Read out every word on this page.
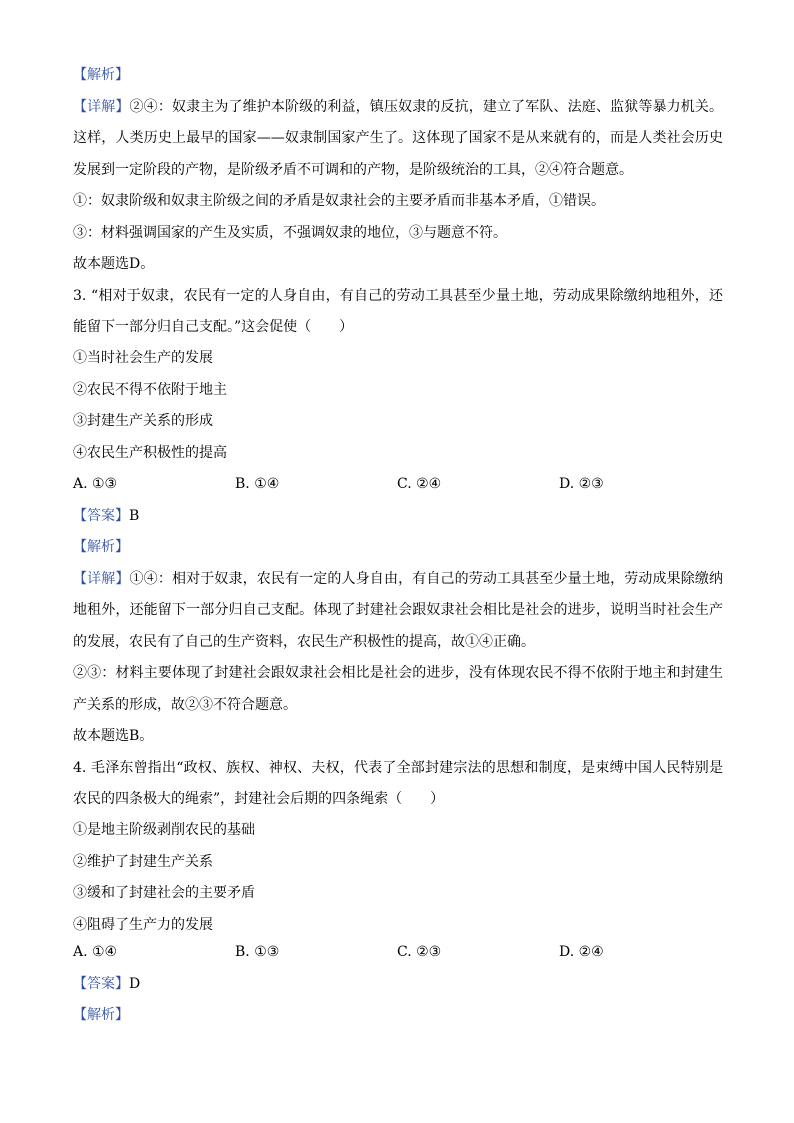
【解析】
【详解】②④：奴隶主为了维护本阶级的利益，镇压奴隶的反抗，建立了军队、法庭、监狱等暴力机关。
这样，人类历史上最早的国家——奴隶制国家产生了。这体现了国家不是从来就有的，而是人类社会历史
发展到一定阶段的产物，是阶级矛盾不可调和的产物，是阶级统治的工具，②④符合题意。
①：奴隶阶级和奴隶主阶级之间的矛盾是奴隶社会的主要矛盾而非基本矛盾，①错误。
③：材料强调国家的产生及实质，不强调奴隶的地位，③与题意不符。
故本题选D。
3. “相对于奴隶，农民有一定的人身自由，有自己的劳动工具甚至少量土地，劳动成果除缴纳地租外，还
能留下一部分归自己支配。”这会促使（　　）
①当时社会生产的发展
②农民不得不依附于地主
③封建生产关系的形成
④农民生产积极性的提高
A. ①③	B. ①④	C. ②④	D. ②③
【答案】B
【解析】
【详解】①④：相对于奴隶，农民有一定的人身自由，有自己的劳动工具甚至少量土地，劳动成果除缴纳
地租外，还能留下一部分归自己支配。体现了封建社会跟奴隶社会相比是社会的进步，说明当时社会生产
的发展，农民有了自己的生产资料，农民生产积极性的提高，故①④正确。
②③：材料主要体现了封建社会跟奴隶社会相比是社会的进步，没有体现农民不得不依附于地主和封建生
产关系的形成，故②③不符合题意。
故本题选B。
4. 毛泽东曾指出“政权、族权、神权、夫权，代表了全部封建宗法的思想和制度，是束缚中国人民特别是
农民的四条极大的绳索”，封建社会后期的四条绳索（　　）
①是地主阶级剥削农民的基础
②维护了封建生产关系
③缓和了封建社会的主要矛盾
④阻碍了生产力的发展
A. ①④	B. ①③	C. ②③	D. ②④
【答案】D
【解析】
